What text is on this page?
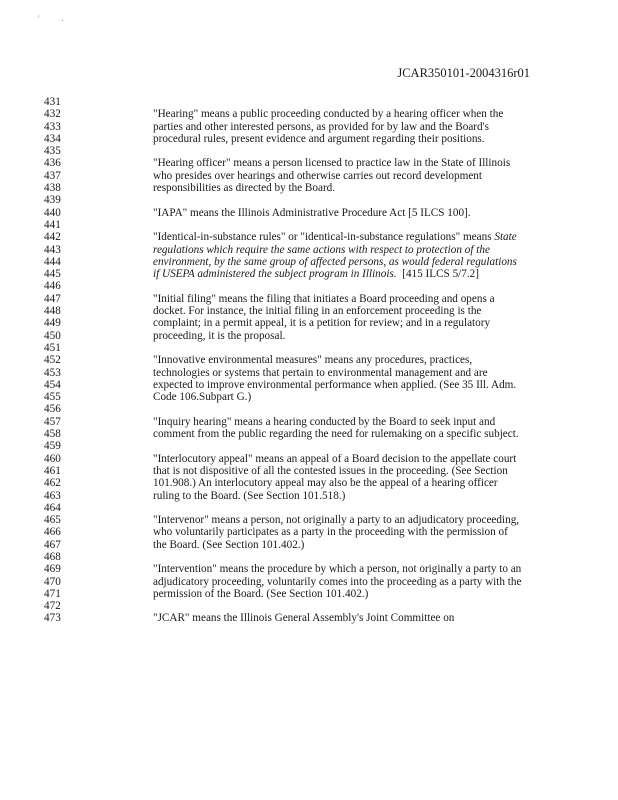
' .
JCAR350101-2004316r01
431
432	"Hearing" means a public proceeding conducted by a hearing officer when the
433	parties and other interested persons, as provided for by law and the Board's
434	procedural rules, present evidence and argument regarding their positions.
435
436	"Hearing officer" means a person licensed to practice law in the State of Illinois
437	who presides over hearings and otherwise carries out record development
438	responsibilities as directed by the Board.
439
440	"IAPA" means the Illinois Administrative Procedure Act [5 ILCS 100].
441
442	"Identical-in-substance rules" or "identical-in-substance regulations" means State
443	regulations which require the same actions with respect to protection of the
444	environment, by the same group of affected persons, as would federal regulations
445	if USEPA administered the subject program in Illinois.  [415 ILCS 5/7.2]
446
447	"Initial filing" means the filing that initiates a Board proceeding and opens a
448	docket. For instance, the initial filing in an enforcement proceeding is the
449	complaint; in a permit appeal, it is a petition for review; and in a regulatory
450	proceeding, it is the proposal.
451
452	"Innovative environmental measures" means any procedures, practices,
453	technologies or systems that pertain to environmental management and are
454	expected to improve environmental performance when applied. (See 35 Ill. Adm.
455	Code 106.Subpart G.)
456
457	"Inquiry hearing" means a hearing conducted by the Board to seek input and
458	comment from the public regarding the need for rulemaking on a specific subject.
459
460	"Interlocutory appeal" means an appeal of a Board decision to the appellate court
461	that is not dispositive of all the contested issues in the proceeding. (See Section
462	101.908.) An interlocutory appeal may also be the appeal of a hearing officer
463	ruling to the Board. (See Section 101.518.)
464
465	"Intervenor" means a person, not originally a party to an adjudicatory proceeding,
466	who voluntarily participates as a party in the proceeding with the permission of
467	the Board. (See Section 101.402.)
468
469	"Intervention" means the procedure by which a person, not originally a party to an
470	adjudicatory proceeding, voluntarily comes into the proceeding as a party with the
471	permission of the Board. (See Section 101.402.)
472
473	"JCAR" means the Illinois General Assembly's Joint Committee on
